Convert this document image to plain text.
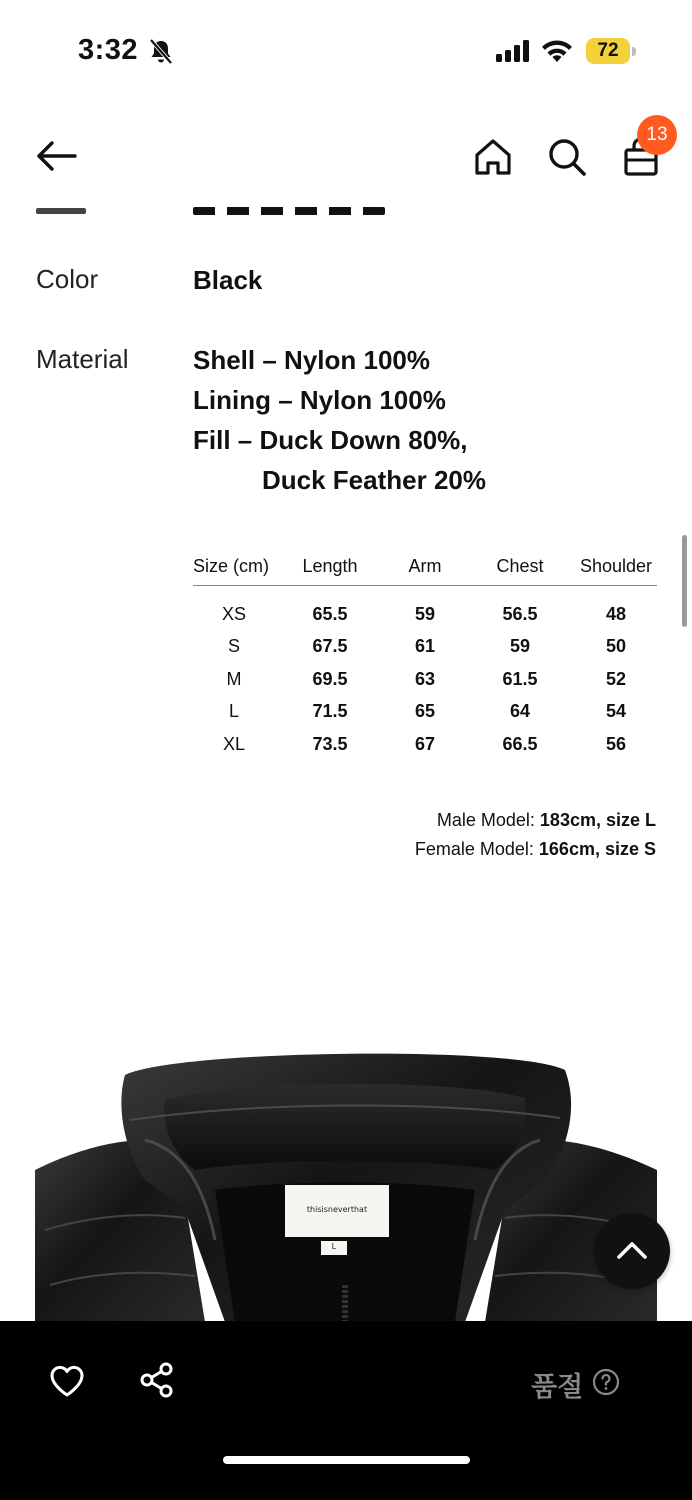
3:32	72
13
Color	Black
Material Shell – Nylon 100%
Lining – Nylon 100%
Fill – Duck Down 80%,
Duck Feather 20%
Size (cm)	Length	Arm	Chest	Shoulder
XS	65.5	59	56.5	48
S	67.5	61	59	50
M	69.5	63	61.5	52
L	71.5	65	64	54
XL	73.5	67	66.5	56
Male Model: 183cm, size L
Female Model: 166cm, size S
thisisneverthat
L
품절
